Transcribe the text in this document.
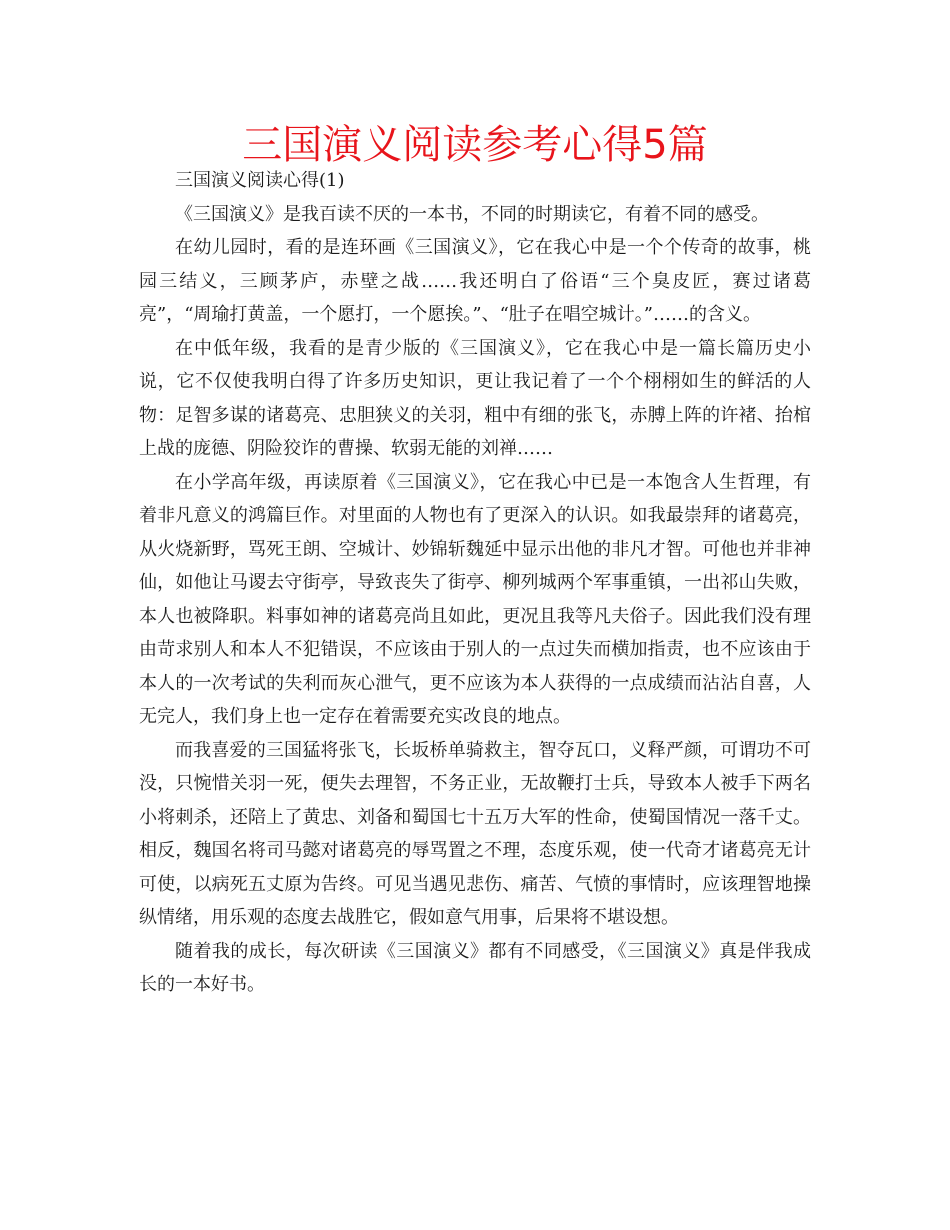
三国演义阅读参考心得5篇

三国演义阅读心得(1)

《三国演义》是我百读不厌的一本书，不同的时期读它，有着不同的感受。

在幼儿园时，看的是连环画《三国演义》，它在我心中是一个个传奇的故事，桃园三结义，三顾茅庐，赤壁之战……我还明白了俗语“三个臭皮匠，赛过诸葛亮”，“周瑜打黄盖，一个愿打，一个愿挨。”、“肚子在唱空城计。”……的含义。

在中低年级，我看的是青少版的《三国演义》，它在我心中是一篇长篇历史小说，它不仅使我明白得了许多历史知识，更让我记着了一个个栩栩如生的鲜活的人物：足智多谋的诸葛亮、忠胆狭义的关羽，粗中有细的张飞，赤膊上阵的许褚、抬棺上战的庞德、阴险狡诈的曹操、软弱无能的刘禅……

在小学高年级，再读原着《三国演义》，它在我心中已是一本饱含人生哲理，有着非凡意义的鸿篇巨作。对里面的人物也有了更深入的认识。如我最崇拜的诸葛亮，从火烧新野，骂死王朗、空城计、妙锦斩魏延中显示出他的非凡才智。可他也并非神仙，如他让马谡去守街亭，导致丧失了街亭、柳列城两个军事重镇，一出祁山失败，本人也被降职。料事如神的诸葛亮尚且如此，更况且我等凡夫俗子。因此我们没有理由苛求别人和本人不犯错误，不应该由于别人的一点过失而横加指责，也不应该由于本人的一次考试的失利而灰心泄气，更不应该为本人获得的一点成绩而沾沾自喜，人无完人，我们身上也一定存在着需要充实改良的地点。

而我喜爱的三国猛将张飞，长坂桥单骑救主，智夺瓦口，义释严颜，可谓功不可没，只惋惜关羽一死，便失去理智，不务正业，无故鞭打士兵，导致本人被手下两名小将刺杀，还陪上了黄忠、刘备和蜀国七十五万大军的性命，使蜀国情况一落千丈。相反，魏国名将司马懿对诸葛亮的辱骂置之不理，态度乐观，使一代奇才诸葛亮无计可使，以病死五丈原为告终。可见当遇见悲伤、痛苦、气愤的事情时，应该理智地操纵情绪，用乐观的态度去战胜它，假如意气用事，后果将不堪设想。

随着我的成长，每次研读《三国演义》都有不同感受，《三国演义》真是伴我成长的一本好书。
